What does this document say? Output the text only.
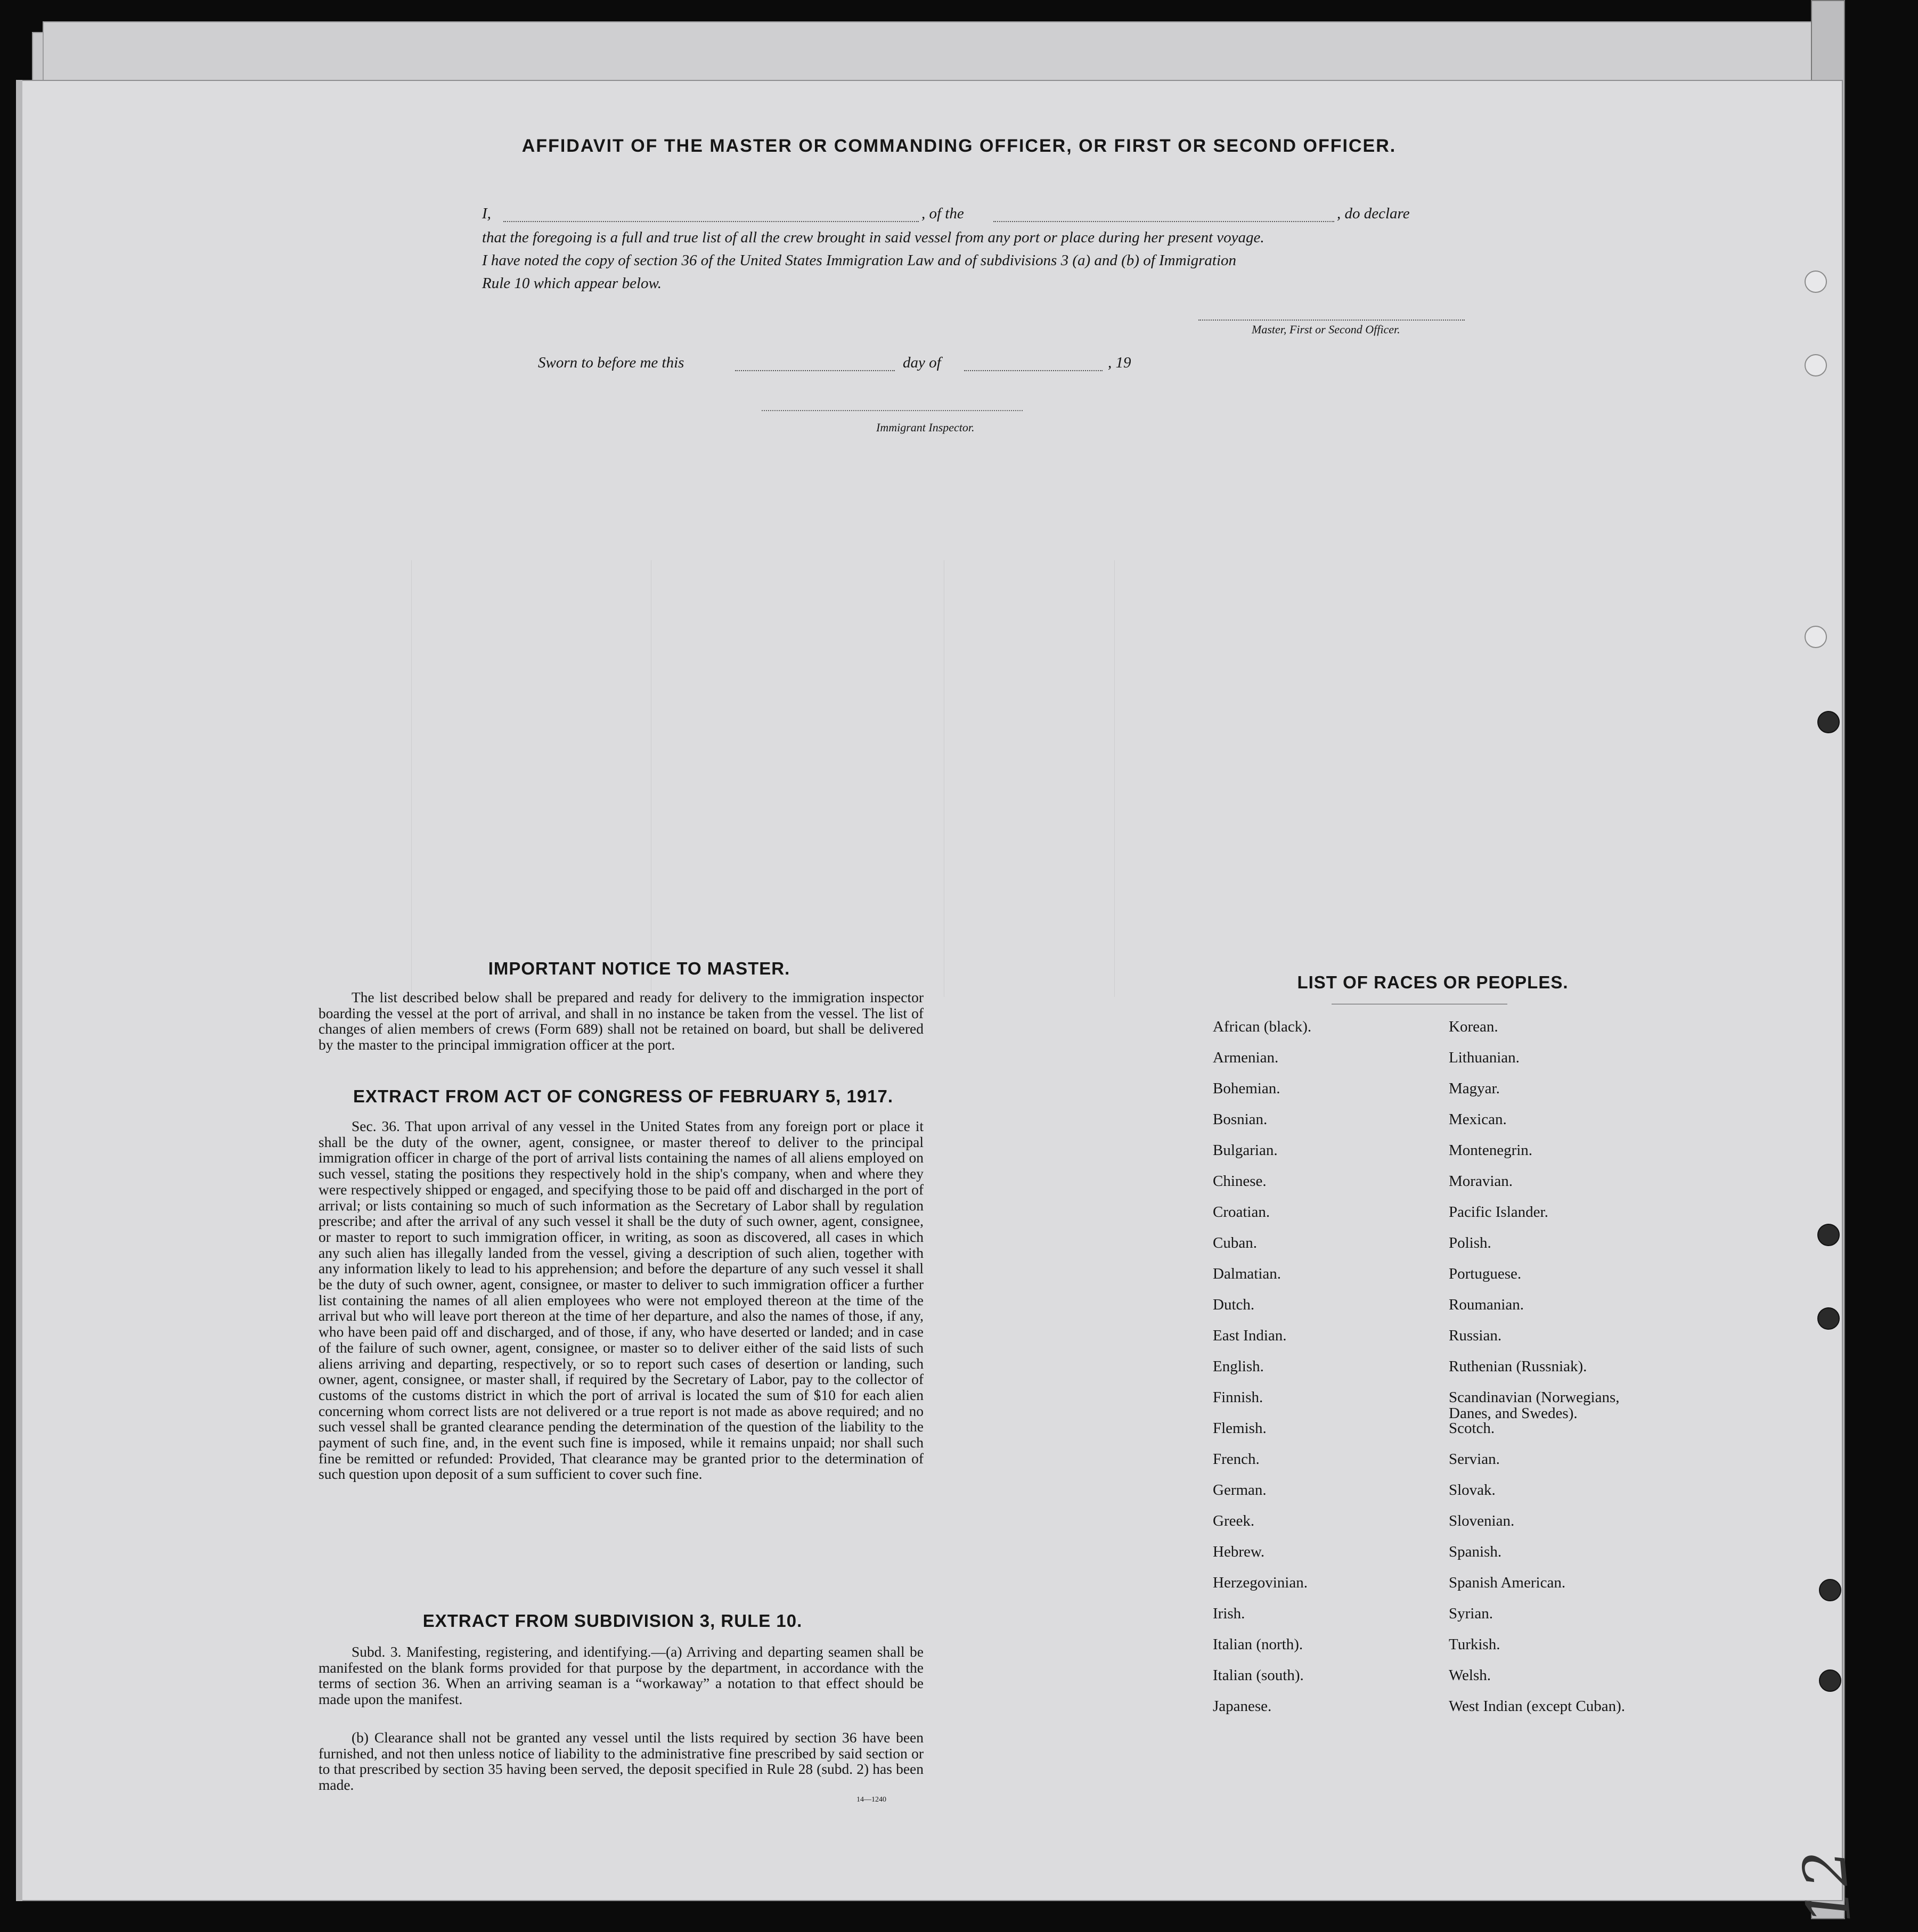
AFFIDAVIT OF THE MASTER OR COMMANDING OFFICER, OR FIRST OR SECOND OFFICER.
I,	, of the	, do declare
that the foregoing is a full and true list of all the crew brought in said vessel from any port or place during her present voyage.
I have noted the copy of section 36 of the United States Immigration Law and of subdivisions 3 (a) and (b) of Immigration
Rule 10 which appear below.
Master, First or Second Officer.
Sworn to before me this	day of	, 19
Immigrant Inspector.
IMPORTANT NOTICE TO MASTER.
The list described below shall be prepared and ready for delivery to the immigration inspector boarding the vessel at the port of arrival, and shall in no instance be taken from the vessel. The list of changes of alien members of crews (Form 689) shall not be retained on board, but shall be delivered by the master to the principal immigration officer at the port.
EXTRACT FROM ACT OF CONGRESS OF FEBRUARY 5, 1917.
Sec. 36. That upon arrival of any vessel in the United States from any foreign port or place it shall be the duty of the owner, agent, consignee, or master thereof to deliver to the principal immigration officer in charge of the port of arrival lists containing the names of all aliens employed on such vessel, stating the positions they respectively hold in the ship's company, when and where they were respectively shipped or engaged, and specifying those to be paid off and discharged in the port of arrival; or lists containing so much of such information as the Secretary of Labor shall by regulation prescribe; and after the arrival of any such vessel it shall be the duty of such owner, agent, consignee, or master to report to such immigration officer, in writing, as soon as discovered, all cases in which any such alien has illegally landed from the vessel, giving a description of such alien, together with any information likely to lead to his apprehension; and before the departure of any such vessel it shall be the duty of such owner, agent, consignee, or master to deliver to such immigration officer a further list containing the names of all alien employees who were not employed thereon at the time of the arrival but who will leave port thereon at the time of her departure, and also the names of those, if any, who have been paid off and discharged, and of those, if any, who have deserted or landed; and in case of the failure of such owner, agent, consignee, or master so to deliver either of the said lists of such aliens arriving and departing, respectively, or so to report such cases of desertion or landing, such owner, agent, consignee, or master shall, if required by the Secretary of Labor, pay to the collector of customs of the customs district in which the port of arrival is located the sum of $10 for each alien concerning whom correct lists are not delivered or a true report is not made as above required; and no such vessel shall be granted clearance pending the determination of the question of the liability to the payment of such fine, and, in the event such fine is imposed, while it remains unpaid; nor shall such fine be remitted or refunded: Provided, That clearance may be granted prior to the determination of such question upon deposit of a sum sufficient to cover such fine.
EXTRACT FROM SUBDIVISION 3, RULE 10.
Subd. 3. Manifesting, registering, and identifying.—(a) Arriving and departing seamen shall be manifested on the blank forms provided for that purpose by the department, in accordance with the terms of section 36. When an arriving seaman is a “workaway” a notation to that effect should be made upon the manifest.
(b) Clearance shall not be granted any vessel until the lists required by section 36 have been furnished, and not then unless notice of liability to the administrative fine prescribed by said section or to that prescribed by section 35 having been served, the deposit specified in Rule 28 (subd. 2) has been made.
14—1240
LIST OF RACES OR PEOPLES.
African (black).
Armenian.
Bohemian.
Bosnian.
Bulgarian.
Chinese.
Croatian.
Cuban.
Dalmatian.
Dutch.
East Indian.
English.
Finnish.
Flemish.
French.
German.
Greek.
Hebrew.
Herzegovinian.
Irish.
Italian (north).
Italian (south).
Japanese.
Korean.
Lithuanian.
Magyar.
Mexican.
Montenegrin.
Moravian.
Pacific Islander.
Polish.
Portuguese.
Roumanian.
Russian.
Ruthenian (Russniak).
Scandinavian (Norwegians,
Danes, and Swedes).
Scotch.
Servian.
Slovak.
Slovenian.
Spanish.
Spanish American.
Syrian.
Turkish.
Welsh.
West Indian (except Cuban).
12
